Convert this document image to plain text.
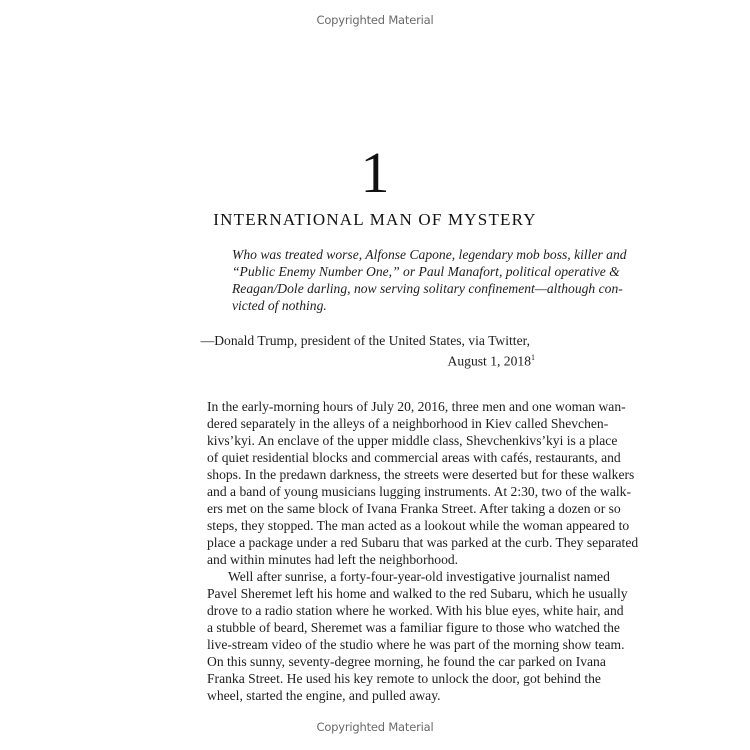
Copyrighted Material
1
INTERNATIONAL MAN OF MYSTERY
Who was treated worse, Alfonse Capone, legendary mob boss, killer and
“Public Enemy Number One,” or Paul Manafort, political operative &
Reagan/Dole darling, now serving solitary confinement—although con-
victed of nothing.
—Donald Trump, president of the United States, via Twitter,
August 1, 2018$^1$
In the early-morning hours of July 20, 2016, three men and one woman wan-
dered separately in the alleys of a neighborhood in Kiev called Shevchen-
kivs’kyi. An enclave of the upper middle class, Shevchenkivs’kyi is a place
of quiet residential blocks and commercial areas with cafés, restaurants, and
shops. In the predawn darkness, the streets were deserted but for these walkers
and a band of young musicians lugging instruments. At 2:30, two of the walk-
ers met on the same block of Ivana Franka Street. After taking a dozen or so
steps, they stopped. The man acted as a lookout while the woman appeared to
place a package under a red Subaru that was parked at the curb. They separated
and within minutes had left the neighborhood.
Well after sunrise, a forty-four-year-old investigative journalist named
Pavel Sheremet left his home and walked to the red Subaru, which he usually
drove to a radio station where he worked. With his blue eyes, white hair, and
a stubble of beard, Sheremet was a familiar figure to those who watched the
live-stream video of the studio where he was part of the morning show team.
On this sunny, seventy-degree morning, he found the car parked on Ivana
Franka Street. He used his key remote to unlock the door, got behind the
wheel, started the engine, and pulled away.
Copyrighted Material
